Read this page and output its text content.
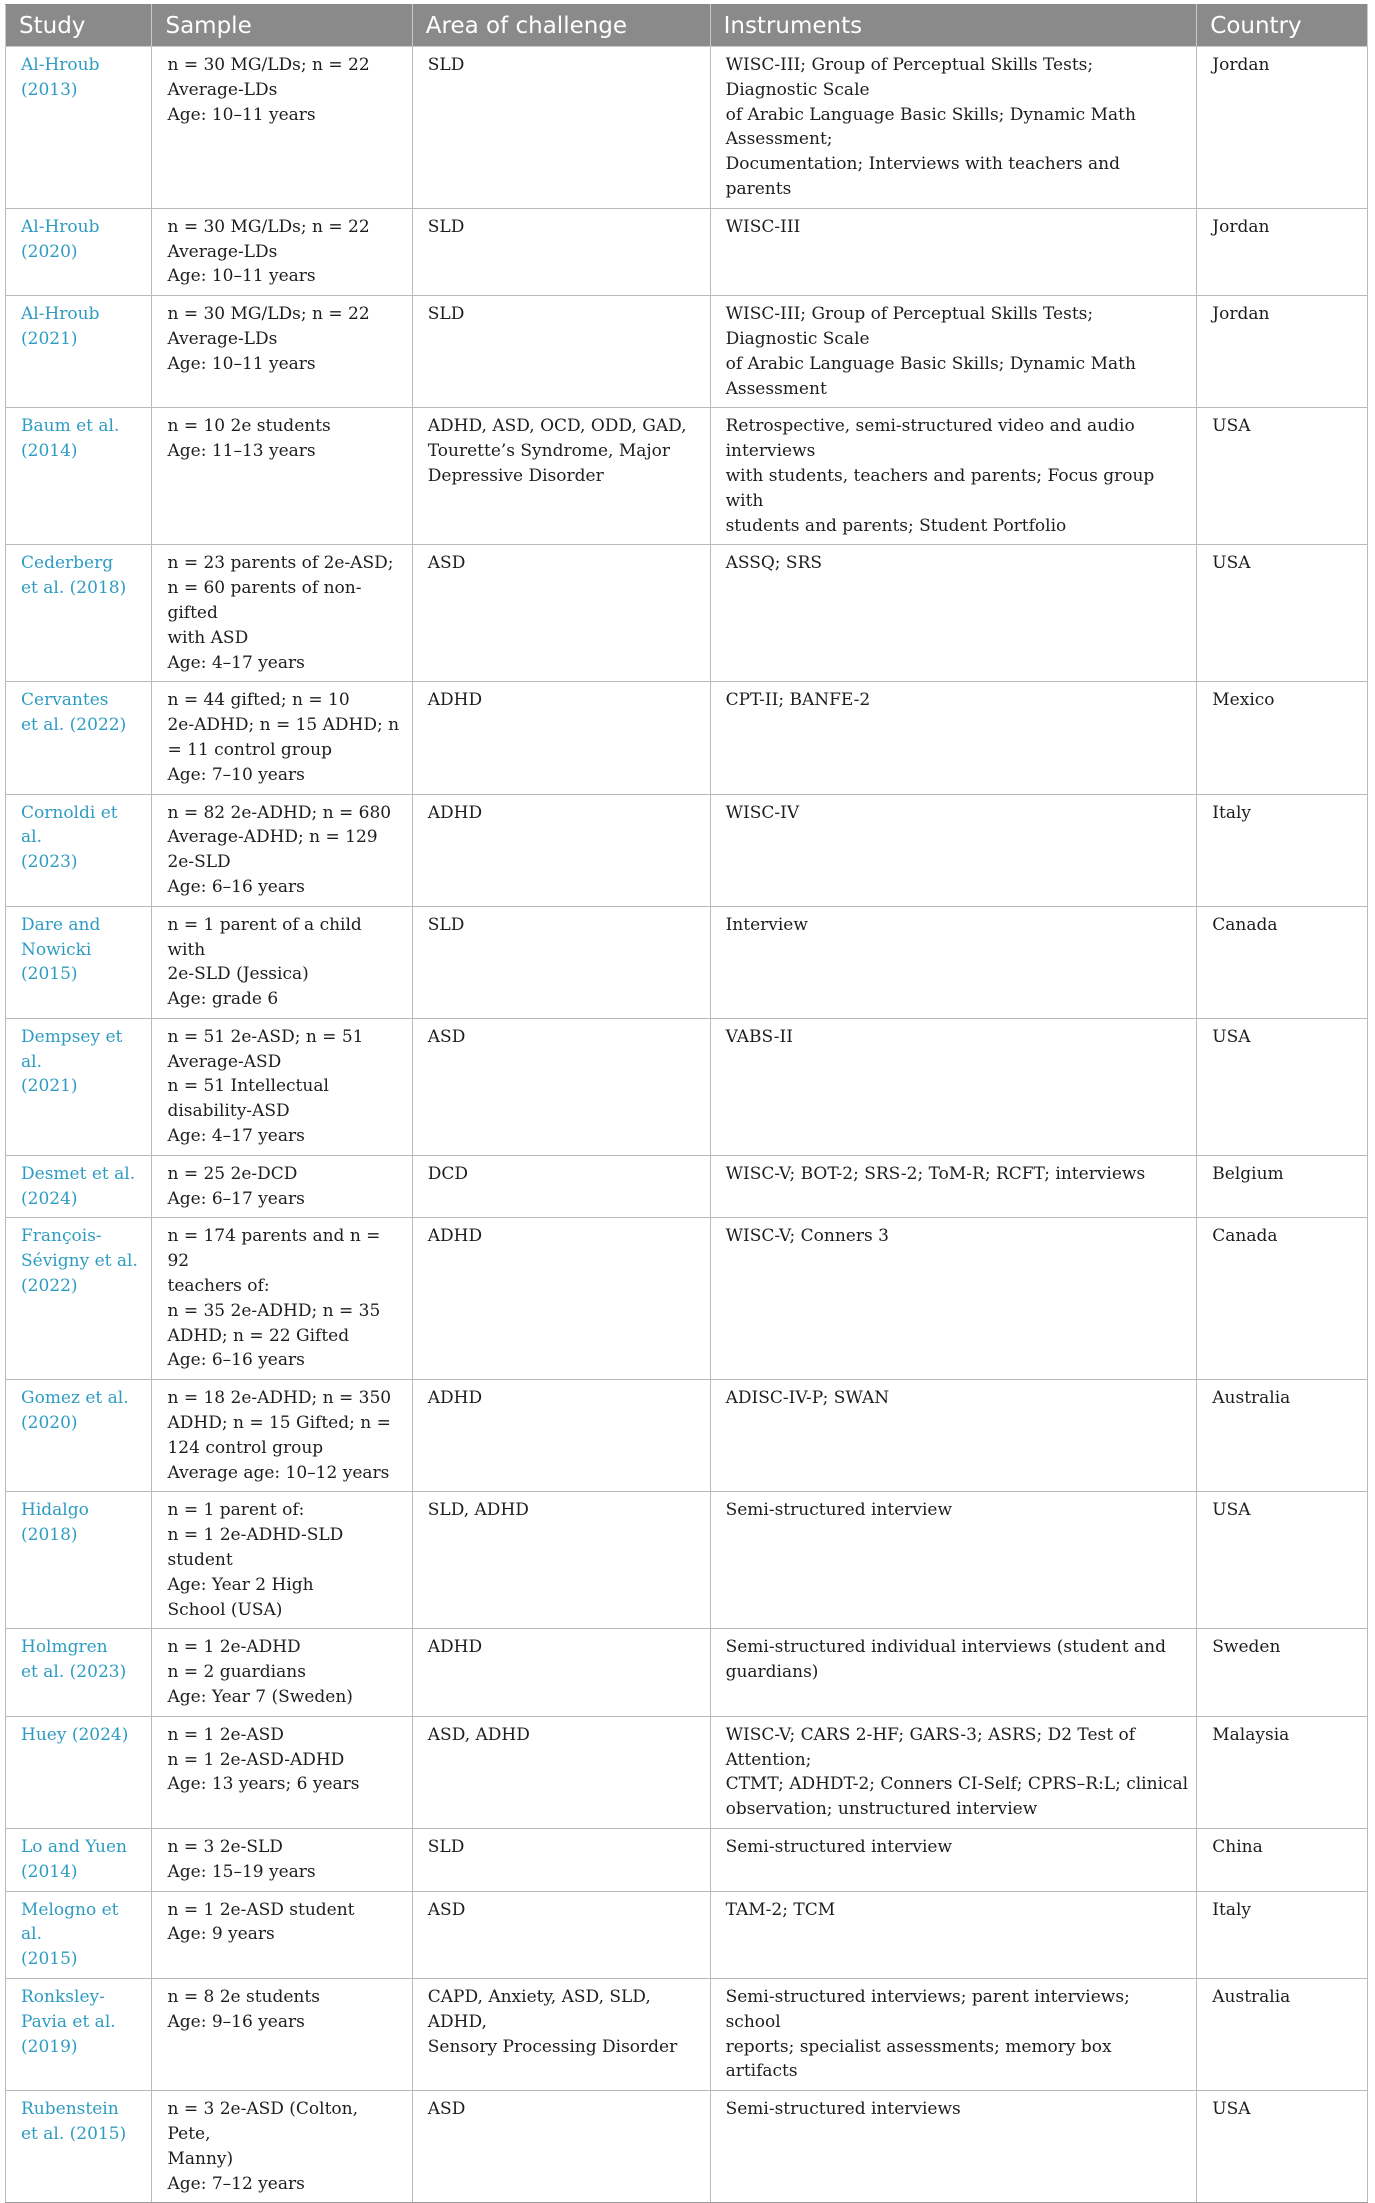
Study	Sample	Area of challenge	Instruments	Country

Al-Hroub
(2013)	n = 30 MG/LDs; n = 22
Average-LDs
Age: 10–11 years	SLD	WISC-III; Group of Perceptual Skills Tests; Diagnostic Scale
of Arabic Language Basic Skills; Dynamic Math Assessment;
Documentation; Interviews with teachers and parents	Jordan

Al-Hroub
(2020)	n = 30 MG/LDs; n = 22
Average-LDs
Age: 10–11 years	SLD	WISC-III	Jordan

Al-Hroub
(2021)	n = 30 MG/LDs; n = 22
Average-LDs
Age: 10–11 years	SLD	WISC-III; Group of Perceptual Skills Tests; Diagnostic Scale
of Arabic Language Basic Skills; Dynamic Math Assessment	Jordan

Baum et al.
(2014)	n = 10 2e students
Age: 11–13 years	ADHD, ASD, OCD, ODD, GAD,
Tourette’s Syndrome, Major
Depressive Disorder	Retrospective, semi-structured video and audio interviews
with students, teachers and parents; Focus group with
students and parents; Student Portfolio	USA

Cederberg
et al. (2018)	n = 23 parents of 2e-ASD;
n = 60 parents of non-gifted
with ASD
Age: 4–17 years	ASD	ASSQ; SRS	USA

Cervantes
et al. (2022)	n = 44 gifted; n = 10
2e-ADHD; n = 15 ADHD; n
= 11 control group
Age: 7–10 years	ADHD	CPT-II; BANFE-2	Mexico

Cornoldi et al.
(2023)	n = 82 2e-ADHD; n = 680
Average-ADHD; n = 129
2e-SLD
Age: 6–16 years	ADHD	WISC-IV	Italy

Dare and
Nowicki
(2015)	n = 1 parent of a child with
2e-SLD (Jessica)
Age: grade 6	SLD	Interview	Canada

Dempsey et al.
(2021)	n = 51 2e-ASD; n = 51
Average-ASD
n = 51 Intellectual
disability-ASD
Age: 4–17 years	ASD	VABS-II	USA

Desmet et al.
(2024)	n = 25 2e-DCD
Age: 6–17 years	DCD	WISC-V; BOT-2; SRS-2; ToM-R; RCFT; interviews	Belgium

François-
Sévigny et al.
(2022)	n = 174 parents and n = 92
teachers of:
n = 35 2e-ADHD; n = 35
ADHD; n = 22 Gifted
Age: 6–16 years	ADHD	WISC-V; Conners 3	Canada

Gomez et al.
(2020)	n = 18 2e-ADHD; n = 350
ADHD; n = 15 Gifted; n =
124 control group
Average age: 10–12 years	ADHD	ADISC-IV-P; SWAN	Australia

Hidalgo (2018)	n = 1 parent of:
n = 1 2e-ADHD-SLD student
Age: Year 2 High
School (USA)	SLD, ADHD	Semi-structured interview	USA

Holmgren
et al. (2023)	n = 1 2e-ADHD
n = 2 guardians
Age: Year 7 (Sweden)	ADHD	Semi-structured individual interviews (student and
guardians)	Sweden

Huey (2024)	n = 1 2e-ASD
n = 1 2e-ASD-ADHD
Age: 13 years; 6 years	ASD, ADHD	WISC-V; CARS 2-HF; GARS-3; ASRS; D2 Test of Attention;
CTMT; ADHDT-2; Conners CI-Self; CPRS–R:L; clinical
observation; unstructured interview	Malaysia

Lo and Yuen
(2014)	n = 3 2e-SLD
Age: 15–19 years	SLD	Semi-structured interview	China

Melogno et al.
(2015)	n = 1 2e-ASD student
Age: 9 years	ASD	TAM-2; TCM	Italy

Ronksley-
Pavia et al.
(2019)	n = 8 2e students
Age: 9–16 years	CAPD, Anxiety, ASD, SLD, ADHD,
Sensory Processing Disorder	Semi-structured interviews; parent interviews; school
reports; specialist assessments; memory box artifacts	Australia

Rubenstein
et al. (2015)	n = 3 2e-ASD (Colton, Pete,
Manny)
Age: 7–12 years	ASD	Semi-structured interviews	USA
